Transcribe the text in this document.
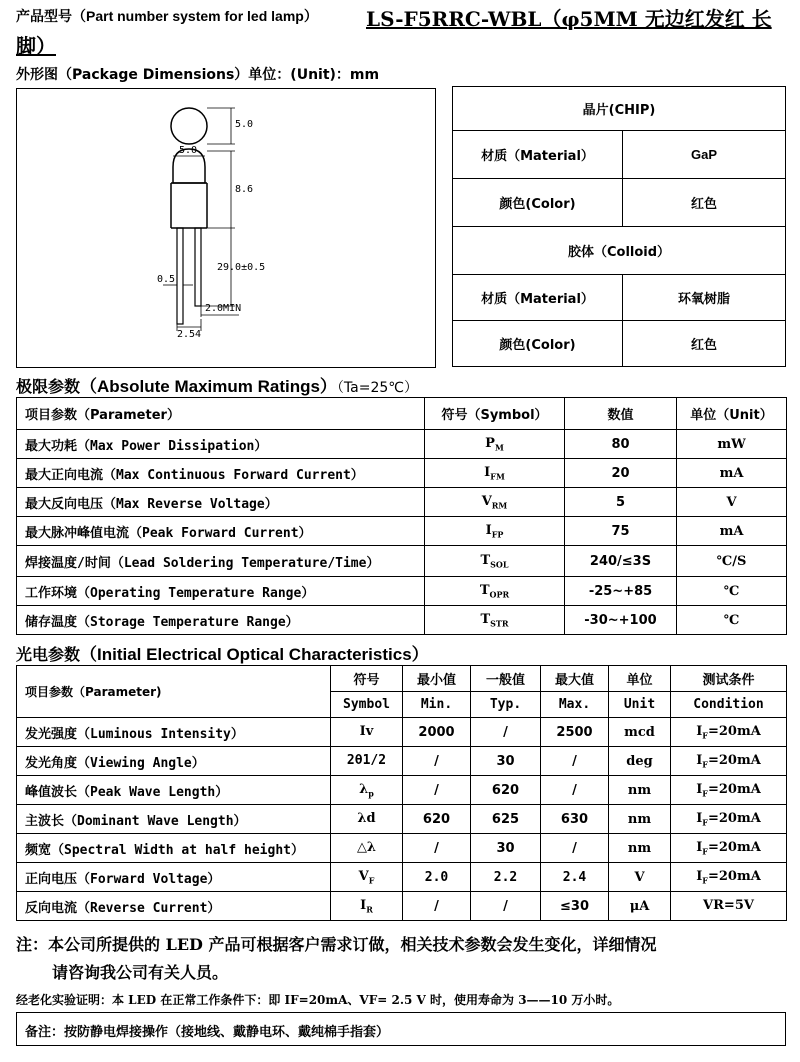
产品型号（Part number system for led lamp） LS-F5RRC-WBL（φ5MM 无边红发红 长
脚）
外形图（Package Dimensions）单位：(Unit)：mm
5.0
5.0
8.6
29.0±0.5
0.5
2.0MIN
2.54
晶片(CHIP)	
材质（Material）	GaP
颜色(Color)	红色
胶体（Colloid）	
材质（Material）	环氧树脂
颜色(Color)	红色
极限参数（Absolute Maximum Ratings）（Ta=25℃）
项目参数（Parameter）	符号（Symbol）	数值	单位（Unit）
最大功耗（Max Power Dissipation）	$P_M$	80	mW
最大正向电流（Max Continuous Forward Current）	$I_{FM}$	20	mA
最大反向电压（Max Reverse Voltage）	$V_{RM}$	5	V
最大脉冲峰值电流（Peak Forward Current）	$I_{FP}$	75	mA
焊接温度/时间（Lead Soldering Temperature/Time）	$T_{SOL}$	240/≤3S	℃/S
工作环境（Operating Temperature Range）	$T_{OPR}$	-25~+85	℃
储存温度（Storage Temperature Range）	$T_{STR}$	-30~+100	℃
光电参数（Initial Electrical Optical Characteristics）
项目参数（Parameter)	符号	最小值	一般值	最大值	单位	测试条件
	Symbol	Min.	Typ.	Max.	Unit	Condition
发光强度（Luminous Intensity）	Iv	2000	/	2500	mcd	$I_F=20mA$
发光角度（Viewing Angle）	2θ1/2	/	30	/	deg	$I_F=20mA$
峰值波长（Peak Wave Length）	$\lambda_p$	/	620	/	nm	$I_F=20mA$
主波长（Dominant Wave Length）	λd	620	625	630	nm	$I_F=20mA$
频宽（Spectral Width at half height）	△λ	/	30	/	nm	$I_F=20mA$
正向电压（Forward Voltage）	$V_F$	2.0	2.2	2.4	V	$I_F=20mA$
反向电流（Reverse Current）	$I_R$	/	/	≤30	μA	VR=5V
注：本公司所提供的 LED 产品可根据客户需求订做，相关技术参数会发生变化，详细情况
请咨询我公司有关人员。
经老化实验证明：本 LED 在正常工作条件下：即 IF=20mA、VF= 2.5 V 时，使用寿命为 3——10 万小时。
备注：按防静电焊接操作（接地线、戴静电环、戴纯棉手指套）
